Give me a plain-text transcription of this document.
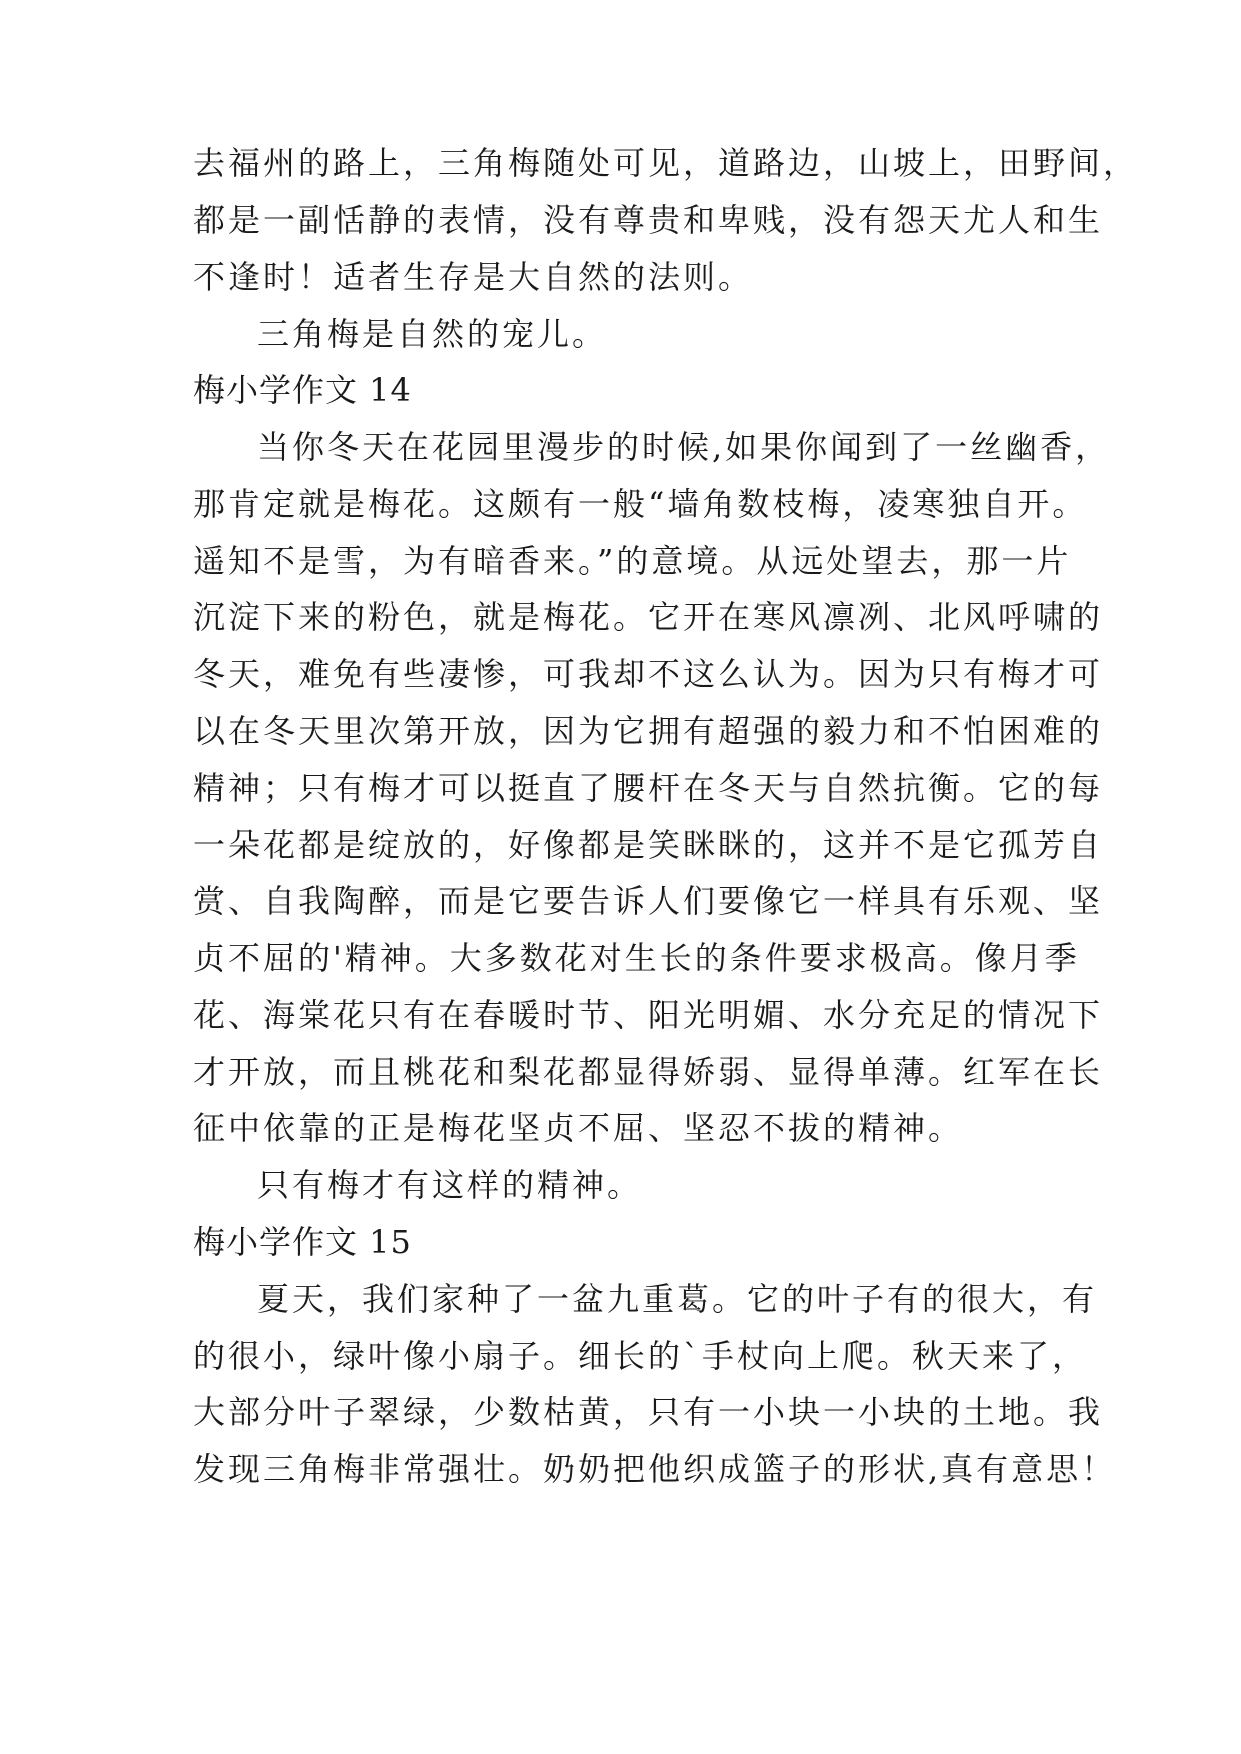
去福州的路上，三角梅随处可见，道路边，山坡上，田野间，
都是一副恬静的表情，没有尊贵和卑贱，没有怨天尤人和生
不逢时！适者生存是大自然的法则。
三角梅是自然的宠儿。
梅小学作文 14
当你冬天在花园里漫步的时候,如果你闻到了一丝幽香，
那肯定就是梅花。这颇有一般“墙角数枝梅，凌寒独自开。
遥知不是雪，为有暗香来。”的意境。从远处望去，那一片
沉淀下来的粉色，就是梅花。它开在寒风凛冽、北风呼啸的
冬天，难免有些凄惨，可我却不这么认为。因为只有梅才可
以在冬天里次第开放，因为它拥有超强的毅力和不怕困难的
精神；只有梅才可以挺直了腰杆在冬天与自然抗衡。它的每
一朵花都是绽放的，好像都是笑眯眯的，这并不是它孤芳自
赏、自我陶醉，而是它要告诉人们要像它一样具有乐观、坚
贞不屈的'精神。大多数花对生长的条件要求极高。像月季
花、海棠花只有在春暖时节、阳光明媚、水分充足的情况下
才开放，而且桃花和梨花都显得娇弱、显得单薄。红军在长
征中依靠的正是梅花坚贞不屈、坚忍不拔的精神。
只有梅才有这样的精神。
梅小学作文 15
夏天，我们家种了一盆九重葛。它的叶子有的很大，有
的很小，绿叶像小扇子。细长的`手杖向上爬。秋天来了，
大部分叶子翠绿，少数枯黄，只有一小块一小块的土地。我
发现三角梅非常强壮。奶奶把他织成篮子的形状,真有意思！
